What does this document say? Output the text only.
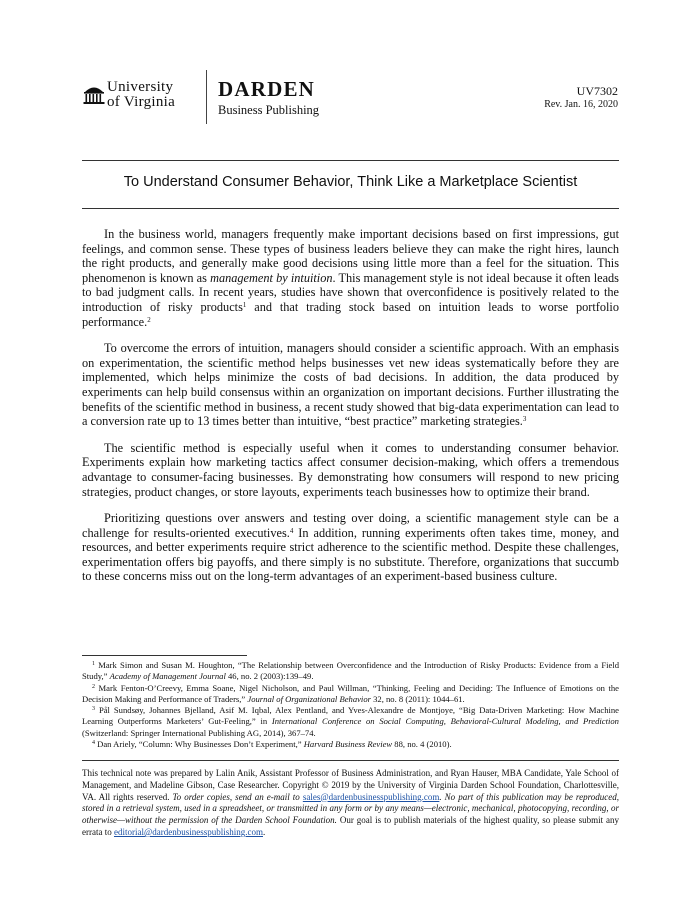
University
of Virginia
DARDEN
Business Publishing
UV7302
Rev. Jan. 16, 2020
To Understand Consumer Behavior, Think Like a Marketplace Scientist

In the business world, managers frequently make important decisions based on first impressions, gut feelings, and common sense. These types of business leaders believe they can make the right hires, launch the right products, and generally make good decisions using little more than a feel for the situation. This phenomenon is known as management by intuition. This management style is not ideal because it often leads to bad judgment calls. In recent years, studies have shown that overconfidence is positively related to the introduction of risky products$^1$ and that trading stock based on intuition leads to worse portfolio performance.$^2$

To overcome the errors of intuition, managers should consider a scientific approach. With an emphasis on experimentation, the scientific method helps businesses vet new ideas systematically before they are implemented, which helps minimize the costs of bad decisions. In addition, the data produced by experiments can help build consensus within an organization on important decisions. Further illustrating the benefits of the scientific method in business, a recent study showed that big-data experimentation can lead to a conversion rate up to 13 times better than intuitive, “best practice” marketing strategies.$^3$

The scientific method is especially useful when it comes to understanding consumer behavior. Experiments explain how marketing tactics affect consumer decision-making, which offers a tremendous advantage to consumer-facing businesses. By demonstrating how consumers will respond to new pricing strategies, product changes, or store layouts, experiments teach businesses how to optimize their brand.

Prioritizing questions over answers and testing over doing, a scientific management style can be a challenge for results-oriented executives.$^4$ In addition, running experiments often takes time, money, and resources, and better experiments require strict adherence to the scientific method. Despite these challenges, experimentation offers big payoffs, and there simply is no substitute. Therefore, organizations that succumb to these concerns miss out on the long-term advantages of an experiment-based business culture.

$^1$ Mark Simon and Susan M. Houghton, “The Relationship between Overconfidence and the Introduction of Risky Products: Evidence from a Field Study,” Academy of Management Journal 46, no. 2 (2003):139–49.

$^2$ Mark Fenton-O’Creevy, Emma Soane, Nigel Nicholson, and Paul Willman, “Thinking, Feeling and Deciding: The Influence of Emotions on the Decision Making and Performance of Traders,” Journal of Organizational Behavior 32, no. 8 (2011): 1044–61.

$^3$ Pål Sundsøy, Johannes Bjelland, Asif M. Iqbal, Alex Pentland, and Yves-Alexandre de Montjoye, “Big Data-Driven Marketing: How Machine Learning Outperforms Marketers’ Gut-Feeling,” in International Conference on Social Computing, Behavioral-Cultural Modeling, and Prediction (Switzerland: Springer International Publishing AG, 2014), 367–74.

$^4$ Dan Ariely, “Column: Why Businesses Don’t Experiment,” Harvard Business Review 88, no. 4 (2010).

This technical note was prepared by Lalin Anik, Assistant Professor of Business Administration, and Ryan Hauser, MBA Candidate, Yale School of Management, and Madeline Gibson, Case Researcher. Copyright © 2019 by the University of Virginia Darden School Foundation, Charlottesville, VA. All rights reserved. To order copies, send an e-mail to sales@dardenbusinesspublishing.com. No part of this publication may be reproduced, stored in a retrieval system, used in a spreadsheet, or transmitted in any form or by any means—electronic, mechanical, photocopying, recording, or otherwise—without the permission of the Darden School Foundation. Our goal is to publish materials of the highest quality, so please submit any errata to editorial@dardenbusinesspublishing.com.
